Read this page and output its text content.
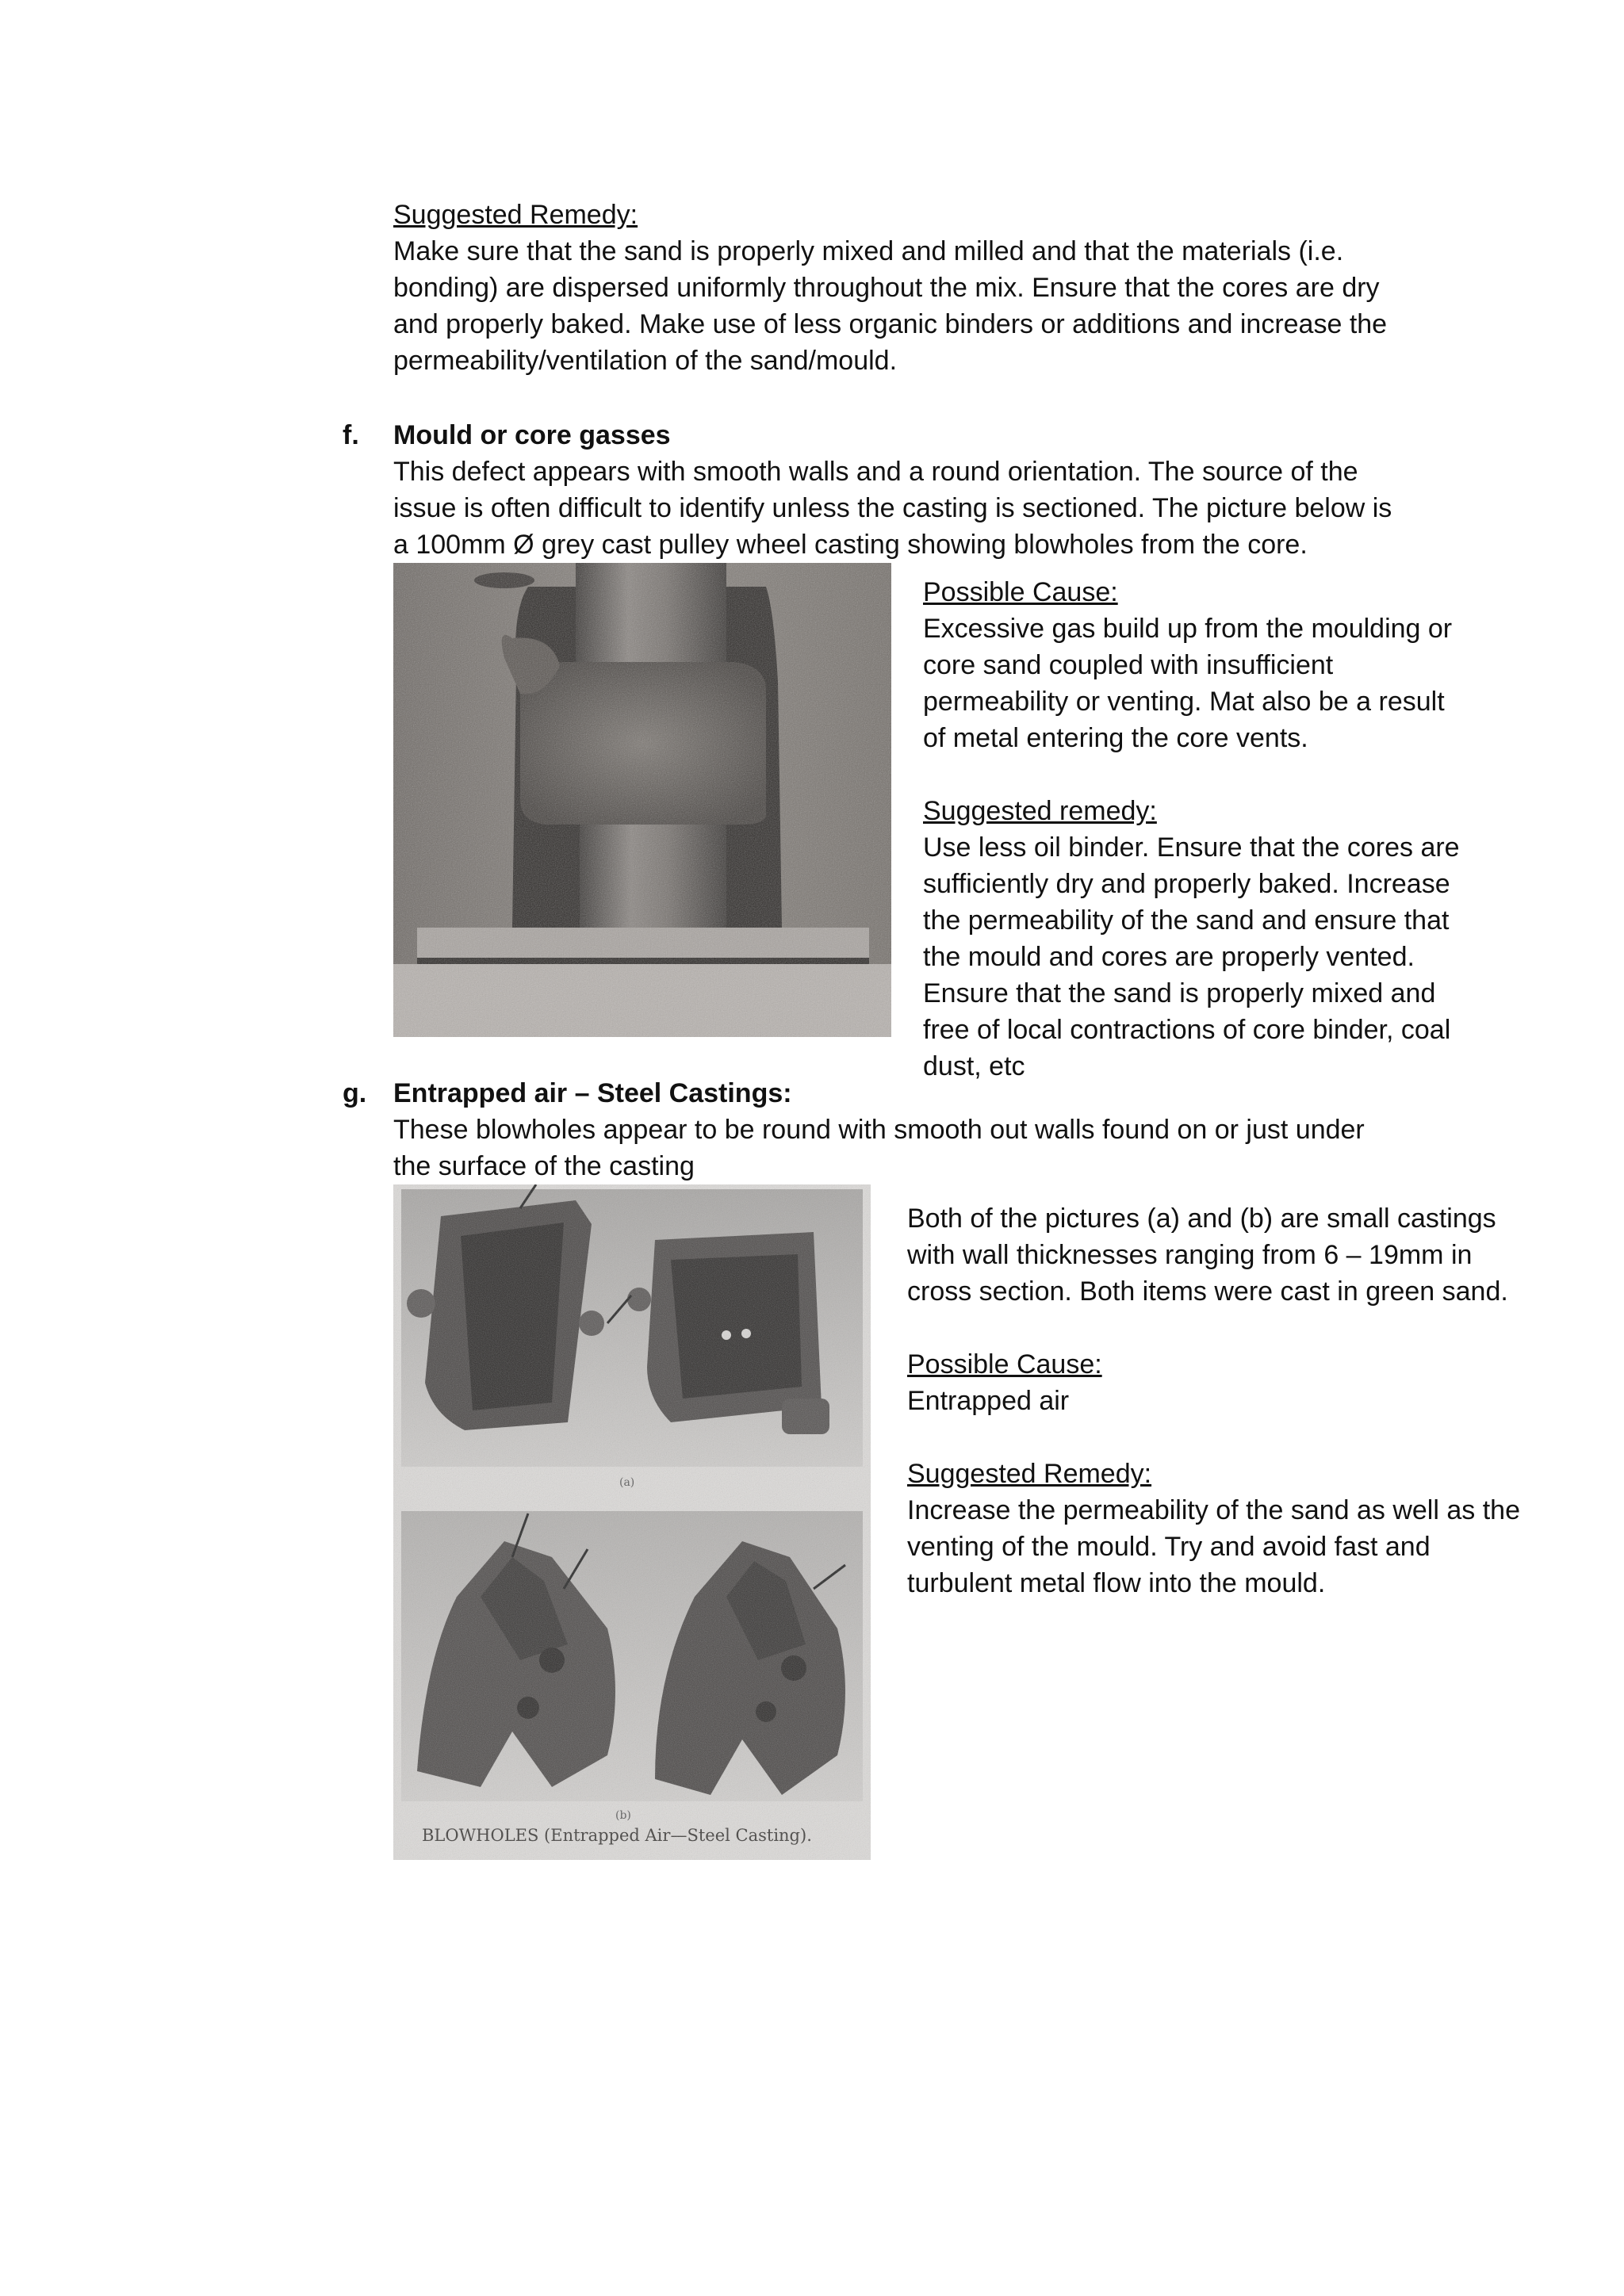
Suggested Remedy:
Make sure that the sand is properly mixed and milled and that the materials (i.e.
bonding) are dispersed uniformly throughout the mix. Ensure that the cores are dry
and properly baked. Make use of less organic binders or additions and increase the
permeability/ventilation of the sand/mould.
f. Mould or core gasses
This defect appears with smooth walls and a round orientation. The source of the
issue is often difficult to identify unless the casting is sectioned. The picture below is
a 100mm Ø grey cast pulley wheel casting showing blowholes from the core.
Possible Cause:
Excessive gas build up from the moulding or
core sand coupled with insufficient
permeability or venting. Mat also be a result
of metal entering the core vents.

Suggested remedy:
Use less oil binder. Ensure that the cores are
sufficiently dry and properly baked. Increase
the permeability of the sand and ensure that
the mould and cores are properly vented.
Ensure that the sand is properly mixed and
free of local contractions of core binder, coal
dust, etc
g. Entrapped air – Steel Castings:
These blowholes appear to be round with smooth out walls found on or just under
the surface of the casting
Both of the pictures (a) and (b) are small castings
with wall thicknesses ranging from 6 – 19mm in
cross section. Both items were cast in green sand.

Possible Cause:
Entrapped air

Suggested Remedy:
Increase the permeability of the sand as well as the
venting of the mould. Try and avoid fast and
turbulent metal flow into the mould.
